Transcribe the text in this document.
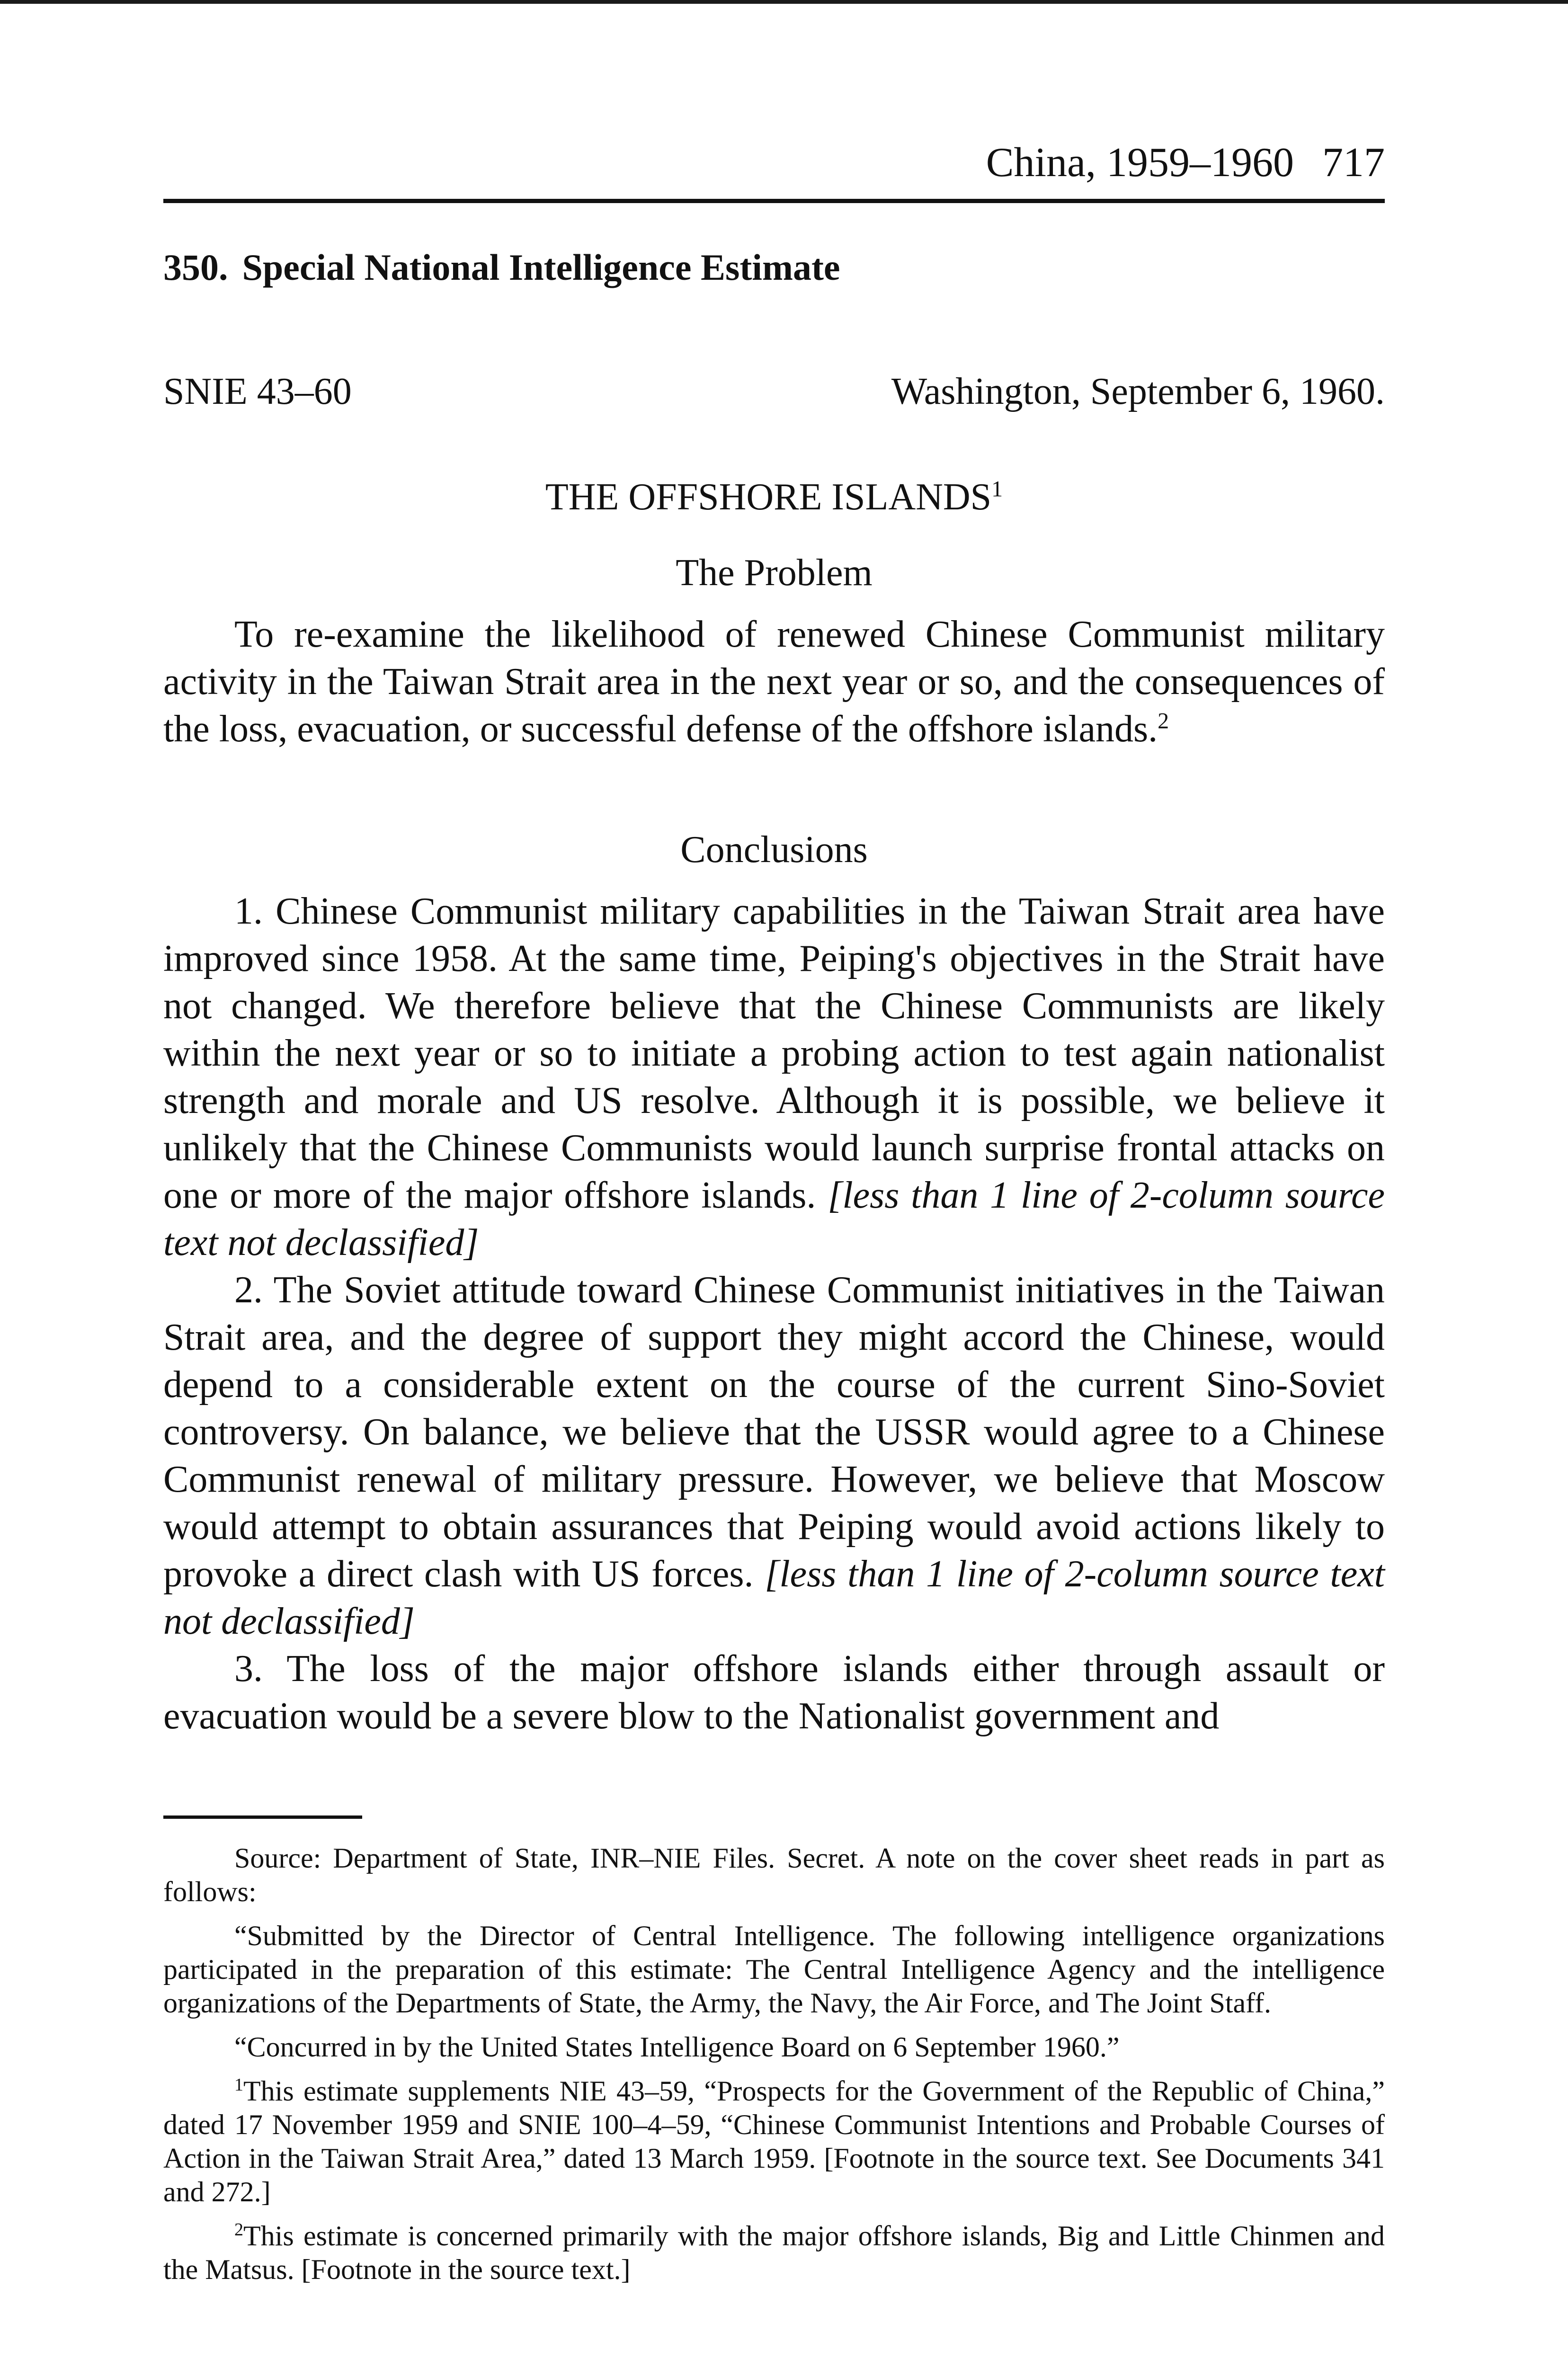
China, 1959–1960 717
350. Special National Intelligence Estimate
SNIE 43–60	Washington, September 6, 1960.
THE OFFSHORE ISLANDS$^1$
The Problem

To re-examine the likelihood of renewed Chinese Communist military activity in the Taiwan Strait area in the next year or so, and the consequences of the loss, evacuation, or successful defense of the offshore islands.$^2$

Conclusions

1. Chinese Communist military capabilities in the Taiwan Strait area have improved since 1958. At the same time, Peiping's objectives in the Strait have not changed. We therefore believe that the Chinese Communists are likely within the next year or so to initiate a probing action to test again nationalist strength and morale and US resolve. Although it is possible, we believe it unlikely that the Chinese Communists would launch surprise frontal attacks on one or more of the major offshore islands. [less than 1 line of 2-column source text not declassified]

2. The Soviet attitude toward Chinese Communist initiatives in the Taiwan Strait area, and the degree of support they might accord the Chinese, would depend to a considerable extent on the course of the current Sino-Soviet controversy. On balance, we believe that the USSR would agree to a Chinese Communist renewal of military pressure. However, we believe that Moscow would attempt to obtain assurances that Peiping would avoid actions likely to provoke a direct clash with US forces. [less than 1 line of 2-column source text not declassified]

3. The loss of the major offshore islands either through assault or evacuation would be a severe blow to the Nationalist government and

Source: Department of State, INR–NIE Files. Secret. A note on the cover sheet reads in part as follows:

“Submitted by the Director of Central Intelligence. The following intelligence organizations participated in the preparation of this estimate: The Central Intelligence Agency and the intelligence organizations of the Departments of State, the Army, the Navy, the Air Force, and The Joint Staff.

“Concurred in by the United States Intelligence Board on 6 September 1960.”

$^1$This estimate supplements NIE 43–59, “Prospects for the Government of the Republic of China,” dated 17 November 1959 and SNIE 100–4–59, “Chinese Communist Intentions and Probable Courses of Action in the Taiwan Strait Area,” dated 13 March 1959. [Footnote in the source text. See Documents 341 and 272.]

$^2$This estimate is concerned primarily with the major offshore islands, Big and Little Chinmen and the Matsus. [Footnote in the source text.]
